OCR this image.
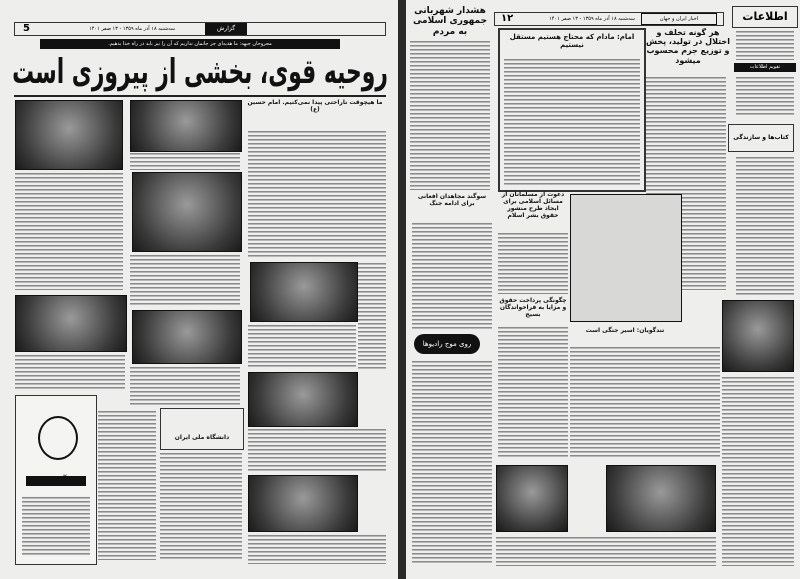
5	سه‌شنبه ۱۸ آذر ماه ۱۳۵۹ - ۱۳ صفر ۱۴۰۱	گزارش
مجروحان جبهه: ما هدیه‌ای جز جانمان نداریم که آن را نیز باید در راه خدا بدهیم.
روحیه قوی، بخشی از پیروزی است
ما هیچوقت ناراحتی پیدا نمی‌کنیم. امام حسین (ع)
دانشگاه ملی ایران
آنتینا
هشدار شهربانی جمهوری اسلامی به مردم
۱۲	سه‌شنبه ۱۸ آذر ماه ۱۳۵۹ - ۱۳ صفر ۱۴۰۱	اخبار ایران و جهان
امام: مادام که محتاج هستیم مستقل نیستیم
هر گونه تخلف و اختلال در تولید، پخش و توزیع جرم محسوب میشود
اطلاعات
تقویم اطلاعات
کتاب‌ها و سازندگی
دعوت از مسلمانان از مسائل اسلامی برای ایجاد طرح منشور حقوق بشر اسلام
سوگند مجاهدان افغانی برای ادامه جنگ
چگونگی پرداخت حقوق و مزایا به فراخواندگان بسیج
تندگویان: اسیر جنگی است
روی موج رادیوها
